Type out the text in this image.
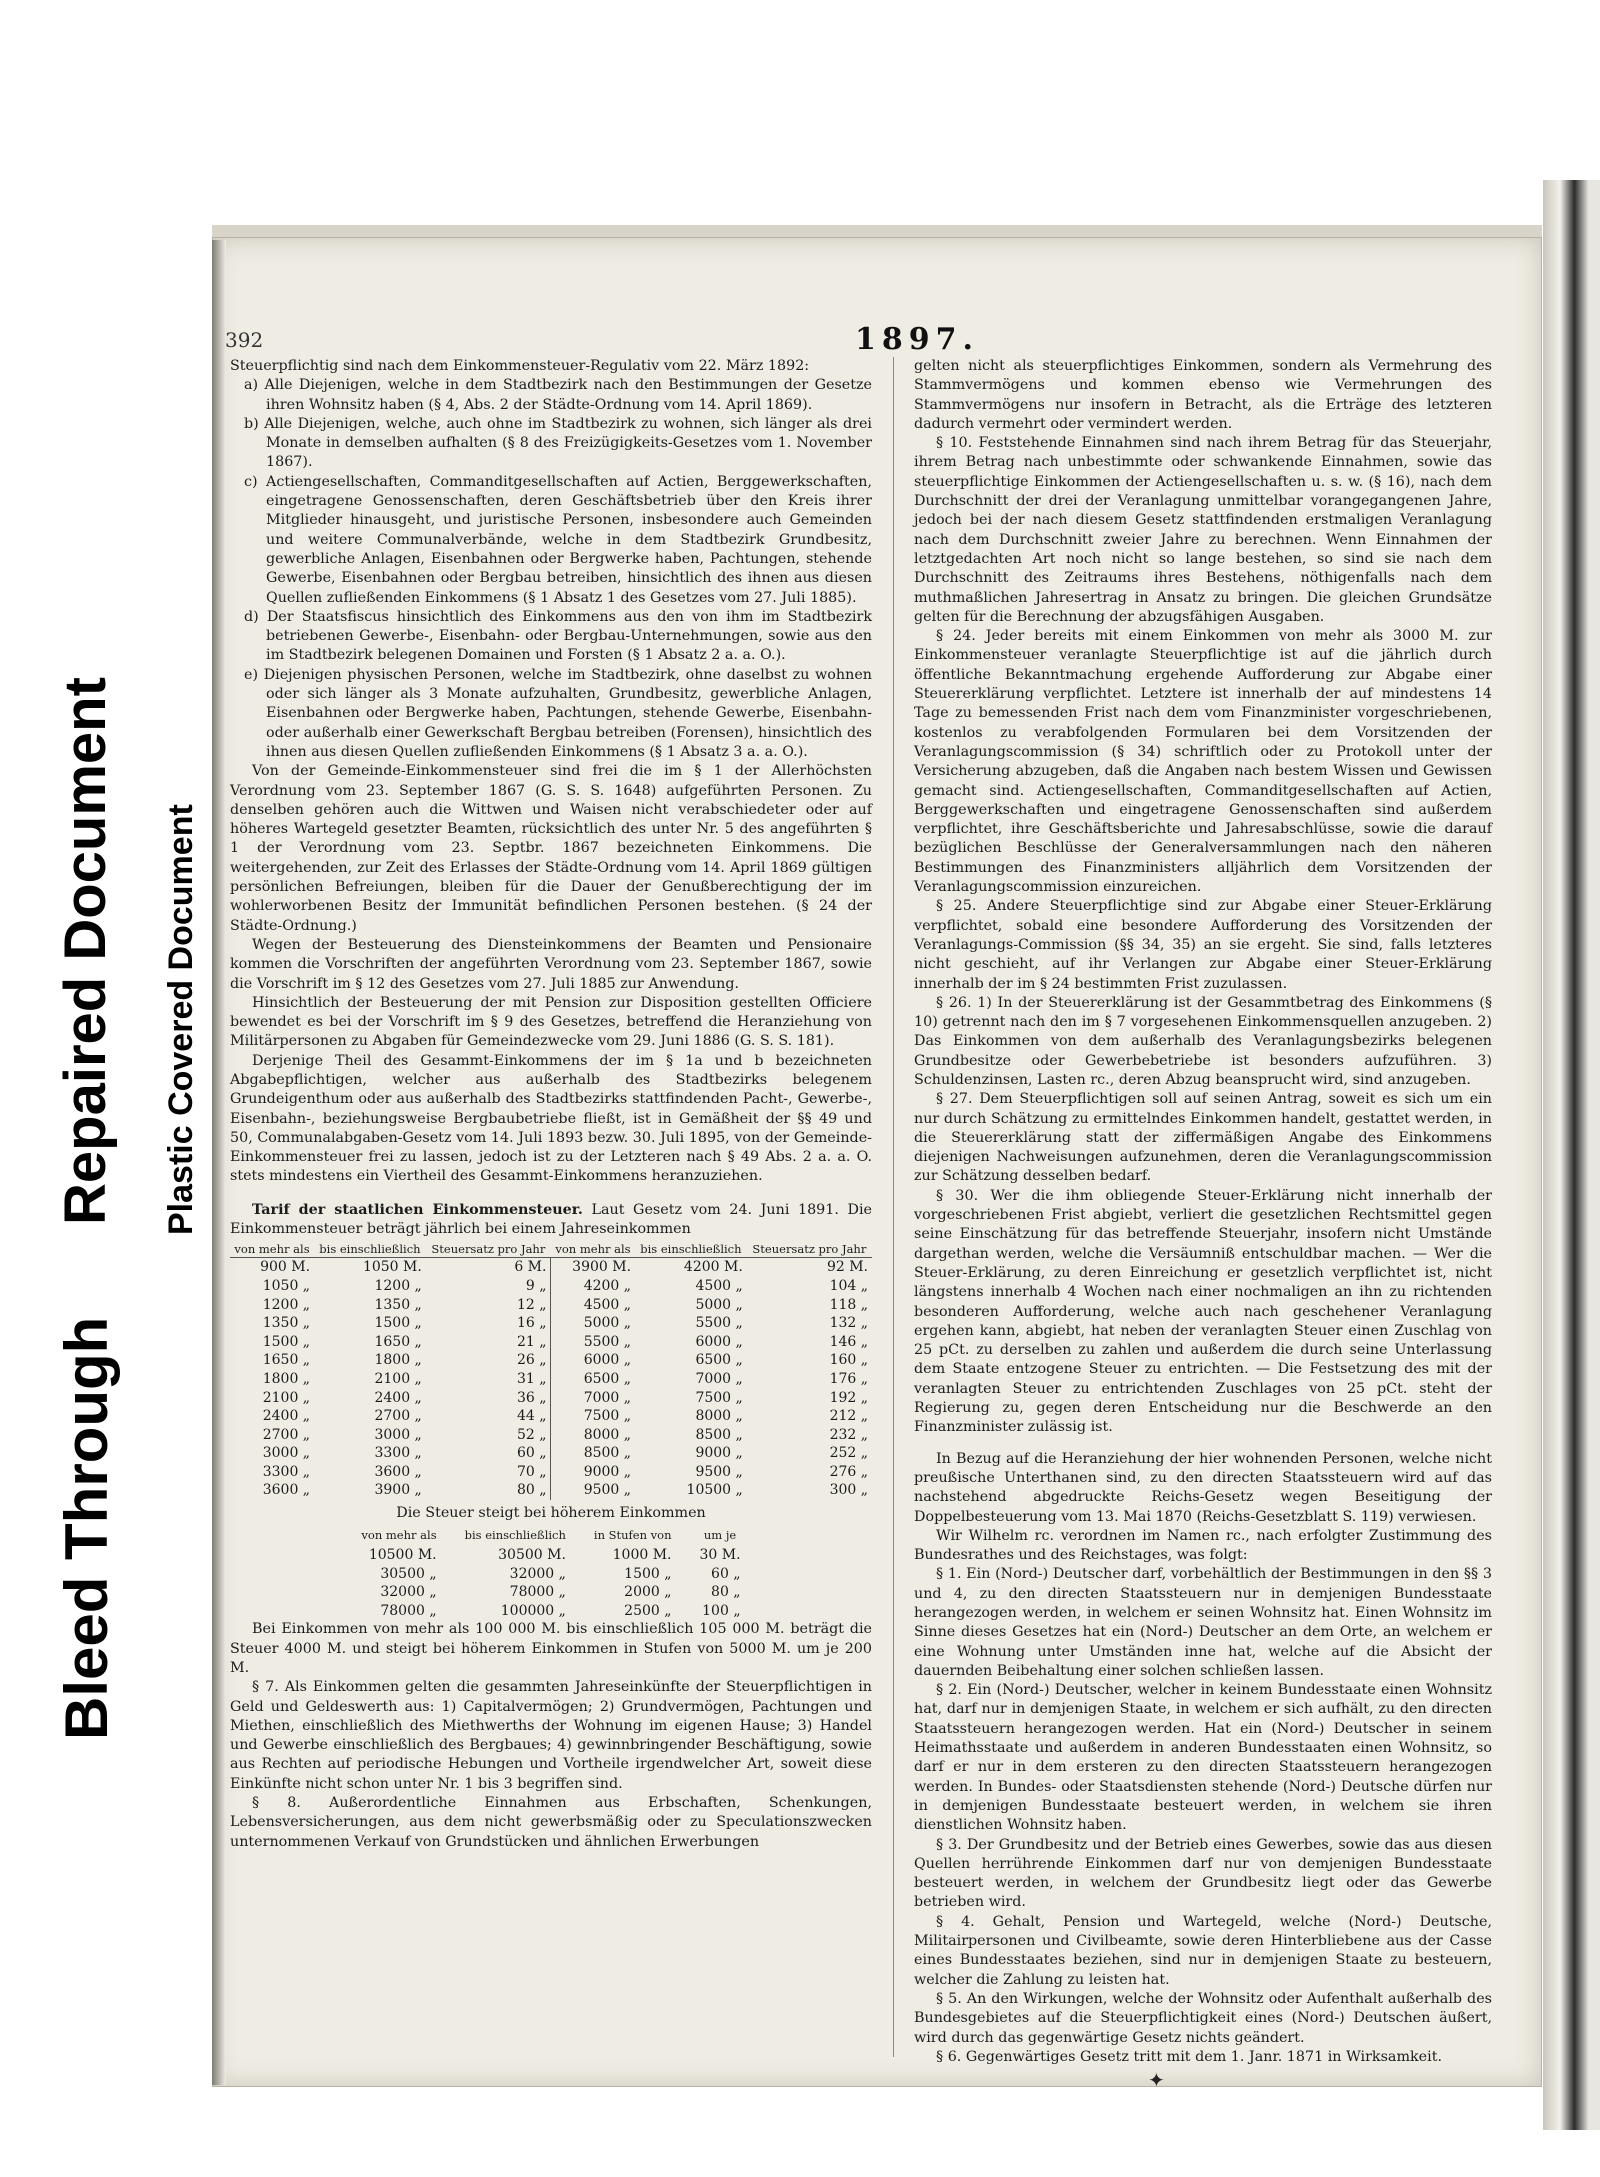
Bleed Through
Repaired Document Plastic Covered Document
392	1897.

Steuerpflichtig sind nach dem Einkommensteuer-Regulativ vom 22. März 1892:

a) Alle Diejenigen, welche in dem Stadtbezirk nach den Bestimmungen der Gesetze ihren Wohnsitz haben (§ 4, Abs. 2 der Städte-Ordnung vom 14. April 1869).

b) Alle Diejenigen, welche, auch ohne im Stadtbezirk zu wohnen, sich länger als drei Monate in demselben aufhalten (§ 8 des Freizügigkeits-Gesetzes vom 1. November 1867).

c) Actiengesellschaften, Commanditgesellschaften auf Actien, Berggewerkschaften, eingetragene Genossenschaften, deren Geschäftsbetrieb über den Kreis ihrer Mitglieder hinausgeht, und juristische Personen, insbesondere auch Gemeinden und weitere Communalverbände, welche in dem Stadtbezirk Grundbesitz, gewerbliche Anlagen, Eisenbahnen oder Bergwerke haben, Pachtungen, stehende Gewerbe, Eisenbahnen oder Bergbau betreiben, hinsichtlich des ihnen aus diesen Quellen zufließenden Einkommens (§ 1 Absatz 1 des Gesetzes vom 27. Juli 1885).

d) Der Staatsfiscus hinsichtlich des Einkommens aus den von ihm im Stadtbezirk betriebenen Gewerbe-, Eisenbahn- oder Bergbau-Unternehmungen, sowie aus den im Stadtbezirk belegenen Domainen und Forsten (§ 1 Absatz 2 a. a. O.).

e) Diejenigen physischen Personen, welche im Stadtbezirk, ohne daselbst zu wohnen oder sich länger als 3 Monate aufzuhalten, Grundbesitz, gewerbliche Anlagen, Eisenbahnen oder Bergwerke haben, Pachtungen, stehende Gewerbe, Eisenbahn- oder außerhalb einer Gewerkschaft Bergbau betreiben (Forensen), hinsichtlich des ihnen aus diesen Quellen zufließenden Einkommens (§ 1 Absatz 3 a. a. O.).

Von der Gemeinde-Einkommensteuer sind frei die im § 1 der Allerhöchsten Verordnung vom 23. September 1867 (G. S. S. 1648) aufgeführten Personen. Zu denselben gehören auch die Wittwen und Waisen nicht verabschiedeter oder auf höheres Wartegeld gesetzter Beamten, rücksichtlich des unter Nr. 5 des angeführten § 1 der Verordnung vom 23. Septbr. 1867 bezeichneten Einkommens. Die weitergehenden, zur Zeit des Erlasses der Städte-Ordnung vom 14. April 1869 gültigen persönlichen Befreiungen, bleiben für die Dauer der Genußberechtigung der im wohlerworbenen Besitz der Immunität befindlichen Personen bestehen. (§ 24 der Städte-Ordnung.)

Wegen der Besteuerung des Diensteinkommens der Beamten und Pensionaire kommen die Vorschriften der angeführten Verordnung vom 23. September 1867, sowie die Vorschrift im § 12 des Gesetzes vom 27. Juli 1885 zur Anwendung.

Hinsichtlich der Besteuerung der mit Pension zur Disposition gestellten Officiere bewendet es bei der Vorschrift im § 9 des Gesetzes, betreffend die Heranziehung von Militärpersonen zu Abgaben für Gemeindezwecke vom 29. Juni 1886 (G. S. S. 181).

Derjenige Theil des Gesammt-Einkommens der im § 1a und b bezeichneten Abgabepflichtigen, welcher aus außerhalb des Stadtbezirks belegenem Grundeigenthum oder aus außerhalb des Stadtbezirks stattfindenden Pacht-, Gewerbe-, Eisenbahn-, beziehungsweise Bergbaubetriebe fließt, ist in Gemäßheit der §§ 49 und 50, Communalabgaben-Gesetz vom 14. Juli 1893 bezw. 30. Juli 1895, von der Gemeinde-Einkommensteuer frei zu lassen, jedoch ist zu der Letzteren nach § 49 Abs. 2 a. a. O. stets mindestens ein Viertheil des Gesammt-Einkommens heranzuziehen.

Tarif der staatlichen Einkommensteuer. Laut Gesetz vom 24. Juni 1891. Die Einkommensteuer beträgt jährlich bei einem Jahreseinkommen

von mehr als	bis einschließlich	Steuersatz pro Jahr	von mehr als	bis einschließlich	Steuersatz pro Jahr
900 M.	1050 M.	6 M.	3900 M.	4200 M.	92 M.
1050 „	1200 „	9 „	4200 „	4500 „	104 „
1200 „	1350 „	12 „	4500 „	5000 „	118 „
1350 „	1500 „	16 „	5000 „	5500 „	132 „
1500 „	1650 „	21 „	5500 „	6000 „	146 „
1650 „	1800 „	26 „	6000 „	6500 „	160 „
1800 „	2100 „	31 „	6500 „	7000 „	176 „
2100 „	2400 „	36 „	7000 „	7500 „	192 „
2400 „	2700 „	44 „	7500 „	8000 „	212 „
2700 „	3000 „	52 „	8000 „	8500 „	232 „
3000 „	3300 „	60 „	8500 „	9000 „	252 „
3300 „	3600 „	70 „	9000 „	9500 „	276 „
3600 „	3900 „	80 „	9500 „	10500 „	300 „

Die Steuer steigt bei höherem Einkommen

von mehr als	bis einschließlich	in Stufen von	um je
10500 M.	30500 M.	1000 M.	30 M.
30500 „	32000 „	1500 „	60 „
32000 „	78000 „	2000 „	80 „
78000 „	100000 „	2500 „	100 „

Bei Einkommen von mehr als 100 000 M. bis einschließlich 105 000 M. beträgt die Steuer 4000 M. und steigt bei höherem Einkommen in Stufen von 5000 M. um je 200 M.

§ 7. Als Einkommen gelten die gesammten Jahreseinkünfte der Steuerpflichtigen in Geld und Geldeswerth aus: 1) Capitalvermögen; 2) Grundvermögen, Pachtungen und Miethen, einschließlich des Miethwerths der Wohnung im eigenen Hause; 3) Handel und Gewerbe einschließlich des Bergbaues; 4) gewinnbringender Beschäftigung, sowie aus Rechten auf periodische Hebungen und Vortheile irgendwelcher Art, soweit diese Einkünfte nicht schon unter Nr. 1 bis 3 begriffen sind.

§ 8. Außerordentliche Einnahmen aus Erbschaften, Schenkungen, Lebensversicherungen, aus dem nicht gewerbsmäßig oder zu Speculationszwecken unternommenen Verkauf von Grundstücken und ähnlichen Erwerbungen

gelten nicht als steuerpflichtiges Einkommen, sondern als Vermehrung des Stammvermögens und kommen ebenso wie Vermehrungen des Stammvermögens nur insofern in Betracht, als die Erträge des letzteren dadurch vermehrt oder vermindert werden.

§ 10. Feststehende Einnahmen sind nach ihrem Betrag für das Steuerjahr, ihrem Betrag nach unbestimmte oder schwankende Einnahmen, sowie das steuerpflichtige Einkommen der Actiengesellschaften u. s. w. (§ 16), nach dem Durchschnitt der drei der Veranlagung unmittelbar vorangegangenen Jahre, jedoch bei der nach diesem Gesetz stattfindenden erstmaligen Veranlagung nach dem Durchschnitt zweier Jahre zu berechnen. Wenn Einnahmen der letztgedachten Art noch nicht so lange bestehen, so sind sie nach dem Durchschnitt des Zeitraums ihres Bestehens, nöthigenfalls nach dem muthmaßlichen Jahresertrag in Ansatz zu bringen. Die gleichen Grundsätze gelten für die Berechnung der abzugsfähigen Ausgaben.

§ 24. Jeder bereits mit einem Einkommen von mehr als 3000 M. zur Einkommensteuer veranlagte Steuerpflichtige ist auf die jährlich durch öffentliche Bekanntmachung ergehende Aufforderung zur Abgabe einer Steuererklärung verpflichtet. Letztere ist innerhalb der auf mindestens 14 Tage zu bemessenden Frist nach dem vom Finanzminister vorgeschriebenen, kostenlos zu verabfolgenden Formularen bei dem Vorsitzenden der Veranlagungscommission (§ 34) schriftlich oder zu Protokoll unter der Versicherung abzugeben, daß die Angaben nach bestem Wissen und Gewissen gemacht sind. Actiengesellschaften, Commanditgesellschaften auf Actien, Berggewerkschaften und eingetragene Genossenschaften sind außerdem verpflichtet, ihre Geschäftsberichte und Jahresabschlüsse, sowie die darauf bezüglichen Beschlüsse der Generalversammlungen nach den näheren Bestimmungen des Finanzministers alljährlich dem Vorsitzenden der Veranlagungscommission einzureichen.

§ 25. Andere Steuerpflichtige sind zur Abgabe einer Steuer-Erklärung verpflichtet, sobald eine besondere Aufforderung des Vorsitzenden der Veranlagungs-Commission (§§ 34, 35) an sie ergeht. Sie sind, falls letzteres nicht geschieht, auf ihr Verlangen zur Abgabe einer Steuer-Erklärung innerhalb der im § 24 bestimmten Frist zuzulassen.

§ 26. 1) In der Steuererklärung ist der Gesammtbetrag des Einkommens (§ 10) getrennt nach den im § 7 vorgesehenen Einkommensquellen anzugeben. 2) Das Einkommen von dem außerhalb des Veranlagungsbezirks belegenen Grundbesitze oder Gewerbebetriebe ist besonders aufzuführen. 3) Schuldenzinsen, Lasten rc., deren Abzug beansprucht wird, sind anzugeben.

§ 27. Dem Steuerpflichtigen soll auf seinen Antrag, soweit es sich um ein nur durch Schätzung zu ermittelndes Einkommen handelt, gestattet werden, in die Steuererklärung statt der ziffermäßigen Angabe des Einkommens diejenigen Nachweisungen aufzunehmen, deren die Veranlagungscommission zur Schätzung desselben bedarf.

§ 30. Wer die ihm obliegende Steuer-Erklärung nicht innerhalb der vorgeschriebenen Frist abgiebt, verliert die gesetzlichen Rechtsmittel gegen seine Einschätzung für das betreffende Steuerjahr, insofern nicht Umstände dargethan werden, welche die Versäumniß entschuldbar machen. — Wer die Steuer-Erklärung, zu deren Einreichung er gesetzlich verpflichtet ist, nicht längstens innerhalb 4 Wochen nach einer nochmaligen an ihn zu richtenden besonderen Aufforderung, welche auch nach geschehener Veranlagung ergehen kann, abgiebt, hat neben der veranlagten Steuer einen Zuschlag von 25 pCt. zu derselben zu zahlen und außerdem die durch seine Unterlassung dem Staate entzogene Steuer zu entrichten. — Die Festsetzung des mit der veranlagten Steuer zu entrichtenden Zuschlages von 25 pCt. steht der Regierung zu, gegen deren Entscheidung nur die Beschwerde an den Finanzminister zulässig ist.

In Bezug auf die Heranziehung der hier wohnenden Personen, welche nicht preußische Unterthanen sind, zu den directen Staatssteuern wird auf das nachstehend abgedruckte Reichs-Gesetz wegen Beseitigung der Doppelbesteuerung vom 13. Mai 1870 (Reichs-Gesetzblatt S. 119) verwiesen.

Wir Wilhelm rc. verordnen im Namen rc., nach erfolgter Zustimmung des Bundesrathes und des Reichstages, was folgt:

§ 1. Ein (Nord-) Deutscher darf, vorbehältlich der Bestimmungen in den §§ 3 und 4, zu den directen Staatssteuern nur in demjenigen Bundesstaate herangezogen werden, in welchem er seinen Wohnsitz hat. Einen Wohnsitz im Sinne dieses Gesetzes hat ein (Nord-) Deutscher an dem Orte, an welchem er eine Wohnung unter Umständen inne hat, welche auf die Absicht der dauernden Beibehaltung einer solchen schließen lassen.

§ 2. Ein (Nord-) Deutscher, welcher in keinem Bundesstaate einen Wohnsitz hat, darf nur in demjenigen Staate, in welchem er sich aufhält, zu den directen Staatssteuern herangezogen werden. Hat ein (Nord-) Deutscher in seinem Heimathsstaate und außerdem in anderen Bundesstaaten einen Wohnsitz, so darf er nur in dem ersteren zu den directen Staatssteuern herangezogen werden. In Bundes- oder Staatsdiensten stehende (Nord-) Deutsche dürfen nur in demjenigen Bundesstaate besteuert werden, in welchem sie ihren dienstlichen Wohnsitz haben.

§ 3. Der Grundbesitz und der Betrieb eines Gewerbes, sowie das aus diesen Quellen herrührende Einkommen darf nur von demjenigen Bundesstaate besteuert werden, in welchem der Grundbesitz liegt oder das Gewerbe betrieben wird.

§ 4. Gehalt, Pension und Wartegeld, welche (Nord-) Deutsche, Militairpersonen und Civilbeamte, sowie deren Hinterbliebene aus der Casse eines Bundesstaates beziehen, sind nur in demjenigen Staate zu besteuern, welcher die Zahlung zu leisten hat.

§ 5. An den Wirkungen, welche der Wohnsitz oder Aufenthalt außerhalb des Bundesgebietes auf die Steuerpflichtigkeit eines (Nord-) Deutschen äußert, wird durch das gegenwärtige Gesetz nichts geändert.

§ 6. Gegenwärtiges Gesetz tritt mit dem 1. Janr. 1871 in Wirksamkeit.

✦
